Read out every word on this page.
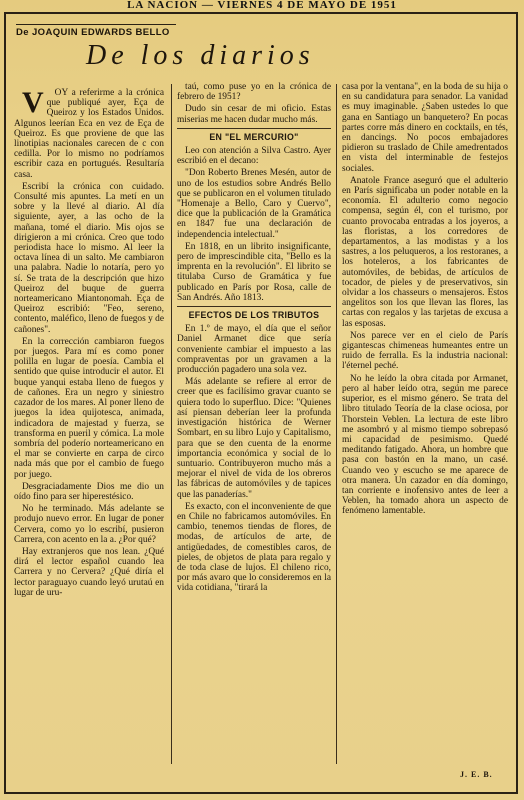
LA NACION — VIERNES 4 DE MAYO DE 1951
De JOAQUIN EDWARDS BELLO
De los diarios

V OY a referirme a la crónica que publiqué ayer, Eça de Queiroz y los Estados Unidos. Algunos leerían Eca en vez de Eça de Queiroz. Es que proviene de que las linotipias nacionales carecen de c con cedilla. Por lo mismo no podríamos escribir caza en portugués. Resultaría casa.

Escribí la crónica con cuidado. Consulté mis apuntes. La metí en un sobre y la llevé al diario. Al día siguiente, ayer, a las ocho de la mañana, tomé el diario. Mis ojos se dirigieron a mi crónica. Creo que todo periodista hace lo mismo. Al leer la octava línea di un salto. Me cambiaron una palabra. Nadie lo notaría, pero yo sí. Se trata de la descripción que hizo Queiroz del buque de guerra norteamericano Miantonomah. Eça de Queiroz escribió: "Feo, sereno, contento, maléfico, lleno de fuegos y de cañones".

En la corrección cambiaron fuegos por juegos. Para mí es como poner polilla en lugar de poesía. Cambia el sentido que quise introducir el autor. El buque yanqui estaba lleno de fuegos y de cañones. Era un negro y siniestro cazador de los mares. Al poner lleno de juegos la idea quijotesca, animada, indicadora de majestad y fuerza, se transforma en pueril y cómica. La mole sombría del poderío norteamericano en el mar se convierte en carpa de circo nada más que por el cambio de fuego por juego.

Desgraciadamente Dios me dio un oído fino para ser hiperestésico.

No he terminado. Más adelante se produjo nuevo error. En lugar de poner Cervera, como yo lo escribí, pusieron Carrera, con acento en la a. ¿Por qué?

Hay extranjeros que nos lean. ¿Qué dirá el lector español cuando lea Carrera y no Cervera? ¿Qué diría el lector paraguayo cuando leyó urutaú en lugar de uru-

taú, como puse yo en la crónica de febrero de 1951?

Dudo sin cesar de mi oficio. Estas miserias me hacen dudar mucho más.

EN "EL MERCURIO"

Leo con atención a Silva Castro. Ayer escribió en el decano:

"Don Roberto Brenes Mesén, autor de uno de los estudios sobre Andrés Bello que se publicaron en el volumen titulado "Homenaje a Bello, Caro y Cuervo", dice que la publicación de la Gramática en 1847 fue una declaración de independencia intelectual."

En 1818, en un librito insignificante, pero de imprescindible cita, "Bello es la imprenta en la revolución". El librito se titulaba Curso de Gramática y fue publicado en París por Rosa, calle de San Andrés. Año 1813.

EFECTOS DE LOS TRIBUTOS

En 1.º de mayo, el día que el señor Daniel Armanet dice que sería conveniente cambiar el impuesto a las compraventas por un gravamen a la producción pagadero una sola vez.

Más adelante se refiere al error de creer que es facilísimo gravar cuanto se quiera todo lo superfluo. Dice: "Quienes así piensan deberían leer la profunda investigación histórica de Werner Sombart, en su libro Lujo y Capitalismo, para que se den cuenta de la enorme importancia económica y social de lo suntuario. Contribuyeron mucho más a mejorar el nivel de vida de los obreros las fábricas de automóviles y de tapices que las panaderías."

Es exacto, con el inconveniente de que en Chile no fabricamos automóviles. En cambio, tenemos tiendas de flores, de modas, de artículos de arte, de antigüedades, de comestibles caros, de pieles, de objetos de plata para regalo y de toda clase de lujos. El chileno rico, por más avaro que lo consideremos en la vida cotidiana, "tirará la

casa por la ventana", en la boda de su hija o en su candidatura para senador. La vanidad es muy imaginable. ¿Saben ustedes lo que gana en Santiago un banquetero? En pocas partes corre más dinero en cocktails, en tés, en dancings. No pocos embajadores pidieron su traslado de Chile amedrentados en vista del interminable de festejos sociales.

Anatole France aseguró que el adulterio en París significaba un poder notable en la economía. El adulterio como negocio compensa, según él, con el turismo, por cuanto provocaba entradas a los joyeros, a las floristas, a los corredores de departamentos, a las modistas y a los sastres, a los peluqueros, a los restoranes, a los hoteleros, a los fabricantes de automóviles, de bebidas, de artículos de tocador, de pieles y de preservativos, sin olvidar a los chasseurs o mensajeros. Estos angelitos son los que llevan las flores, las cartas con regalos y las tarjetas de excusa a las esposas.

Nos parece ver en el cielo de París gigantescas chimeneas humeantes entre un ruido de ferralla. Es la industria nacional: l'éternel peché.

No he leído la obra citada por Armanet, pero al haber leído otra, según me parece superior, es el mismo género. Se trata del libro titulado Teoría de la clase ociosa, por Thorstein Veblen. La lectura de este libro me asombró y al mismo tiempo sobrepasó mi capacidad de pesimismo. Quedé meditando fatigado. Ahora, un hombre que pasa con bastón en la mano, un casé. Cuando veo y escucho se me aparece de otra manera. Un cazador en día domingo, tan corriente e inofensivo antes de leer a Veblen, ha tomado ahora un aspecto de fenómeno lamentable.

J. E. B.
